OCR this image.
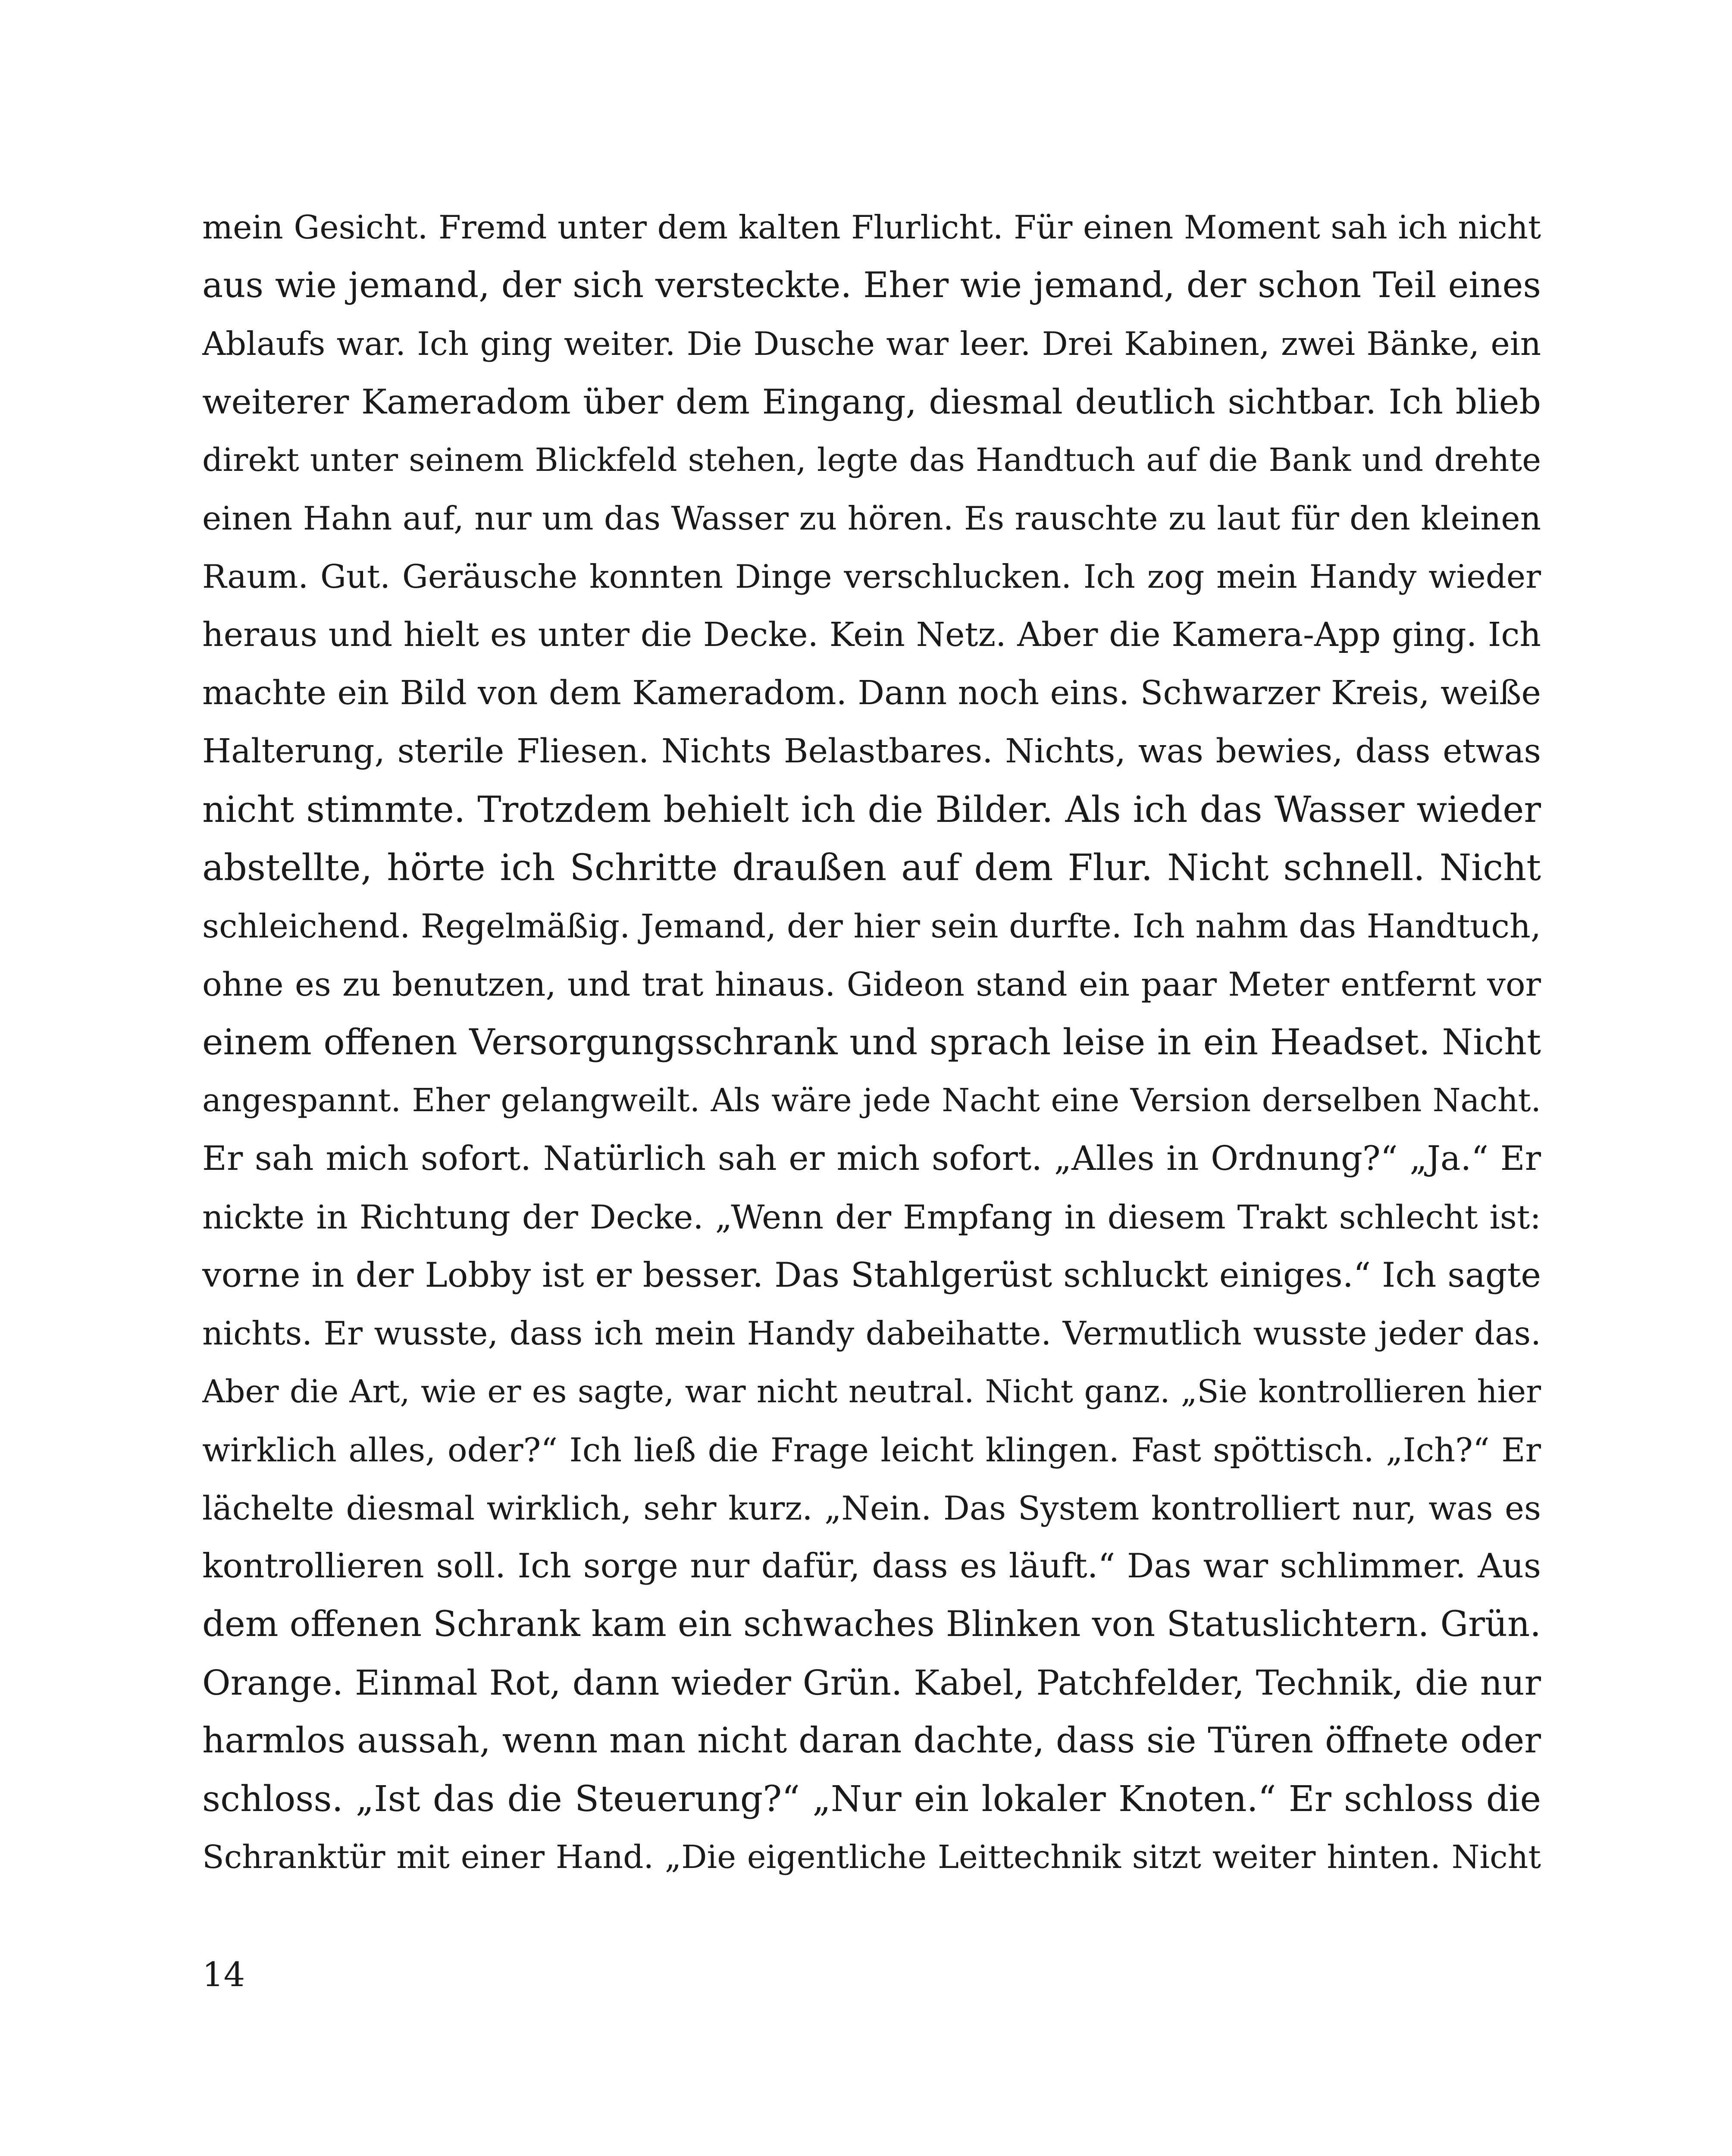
mein Gesicht. Fremd unter dem kalten Flurlicht. Für einen Moment sah ich nicht
aus wie jemand, der sich versteckte. Eher wie jemand, der schon Teil eines
Ablaufs war. Ich ging weiter. Die Dusche war leer. Drei Kabinen, zwei Bänke, ein
weiterer Kameradom über dem Eingang, diesmal deutlich sichtbar. Ich blieb
direkt unter seinem Blickfeld stehen, legte das Handtuch auf die Bank und drehte
einen Hahn auf, nur um das Wasser zu hören. Es rauschte zu laut für den kleinen
Raum. Gut. Geräusche konnten Dinge verschlucken. Ich zog mein Handy wieder
heraus und hielt es unter die Decke. Kein Netz. Aber die Kamera-App ging. Ich
machte ein Bild von dem Kameradom. Dann noch eins. Schwarzer Kreis, weiße
Halterung, sterile Fliesen. Nichts Belastbares. Nichts, was bewies, dass etwas
nicht stimmte. Trotzdem behielt ich die Bilder. Als ich das Wasser wieder
abstellte, hörte ich Schritte draußen auf dem Flur. Nicht schnell. Nicht
schleichend. Regelmäßig. Jemand, der hier sein durfte. Ich nahm das Handtuch,
ohne es zu benutzen, und trat hinaus. Gideon stand ein paar Meter entfernt vor
einem offenen Versorgungsschrank und sprach leise in ein Headset. Nicht
angespannt. Eher gelangweilt. Als wäre jede Nacht eine Version derselben Nacht.
Er sah mich sofort. Natürlich sah er mich sofort. „Alles in Ordnung?“ „Ja.“ Er
nickte in Richtung der Decke. „Wenn der Empfang in diesem Trakt schlecht ist:
vorne in der Lobby ist er besser. Das Stahlgerüst schluckt einiges.“ Ich sagte
nichts. Er wusste, dass ich mein Handy dabeihatte. Vermutlich wusste jeder das.
Aber die Art, wie er es sagte, war nicht neutral. Nicht ganz. „Sie kontrollieren hier
wirklich alles, oder?“ Ich ließ die Frage leicht klingen. Fast spöttisch. „Ich?“ Er
lächelte diesmal wirklich, sehr kurz. „Nein. Das System kontrolliert nur, was es
kontrollieren soll. Ich sorge nur dafür, dass es läuft.“ Das war schlimmer. Aus
dem offenen Schrank kam ein schwaches Blinken von Statuslichtern. Grün.
Orange. Einmal Rot, dann wieder Grün. Kabel, Patchfelder, Technik, die nur
harmlos aussah, wenn man nicht daran dachte, dass sie Türen öffnete oder
schloss. „Ist das die Steuerung?“ „Nur ein lokaler Knoten.“ Er schloss die
Schranktür mit einer Hand. „Die eigentliche Leittechnik sitzt weiter hinten. Nicht
14
